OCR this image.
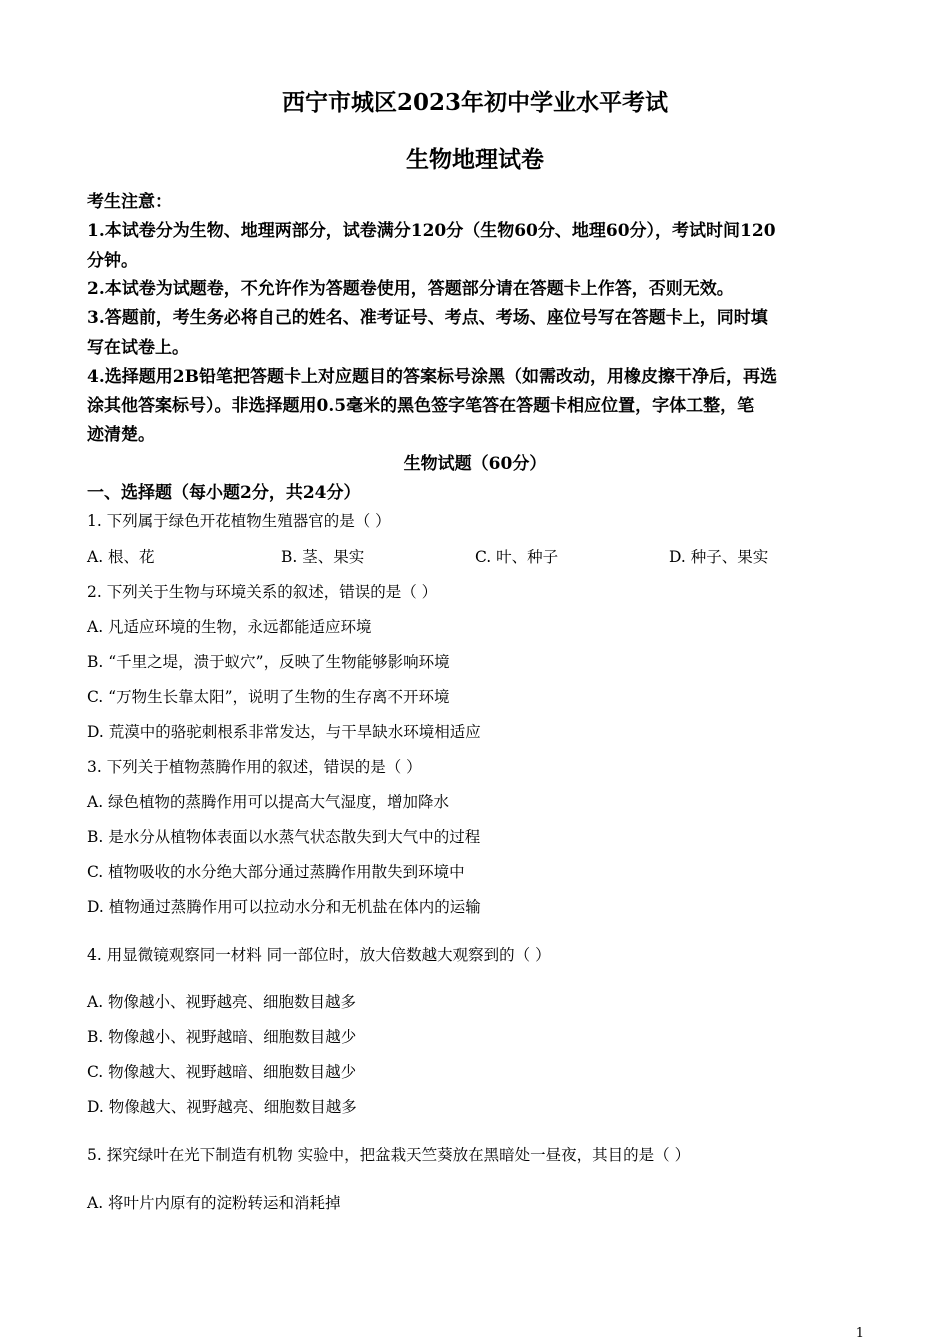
西宁市城区2023年初中学业水平考试
生物地理试卷
考生注意：
1.本试卷分为生物、地理两部分，试卷满分120分（生物60分、地理60分），考试时间120
分钟。
2.本试卷为试题卷，不允许作为答题卷使用，答题部分请在答题卡上作答，否则无效。
3.答题前，考生务必将自己的姓名、准考证号、考点、考场、座位号写在答题卡上，同时填
写在试卷上。
4.选择题用2B铅笔把答题卡上对应题目的答案标号涂黑（如需改动，用橡皮擦干净后，再选
涂其他答案标号）。非选择题用0.5毫米的黑色签字笔答在答题卡相应位置，字体工整，笔
迹清楚。
生物试题（60分）
一、选择题（每小题2分，共24分）
1. 下列属于绿色开花植物生殖器官的是（ ）
A. 根、花	B. 茎、果实	C. 叶、种子	D. 种子、果实
2. 下列关于生物与环境关系的叙述，错误的是（ ）
A. 凡适应环境的生物，永远都能适应环境
B. “千里之堤，溃于蚁穴”，反映了生物能够影响环境
C. “万物生长靠太阳”，说明了生物的生存离不开环境
D. 荒漠中的骆驼刺根系非常发达，与干旱缺水环境相适应
3. 下列关于植物蒸腾作用的叙述，错误的是（ ）
A. 绿色植物的蒸腾作用可以提高大气湿度，增加降水
B. 是水分从植物体表面以水蒸气状态散失到大气中的过程
C. 植物吸收的水分绝大部分通过蒸腾作用散失到环境中
D. 植物通过蒸腾作用可以拉动水分和无机盐在体内的运输
4. 用显微镜观察同一材料 同一部位时，放大倍数越大观察到的（ ）
A. 物像越小、视野越亮、细胞数目越多
B. 物像越小、视野越暗、细胞数目越少
C. 物像越大、视野越暗、细胞数目越少
D. 物像越大、视野越亮、细胞数目越多
5. 探究绿叶在光下制造有机物 实验中，把盆栽天竺葵放在黑暗处一昼夜，其目的是（ ）
A. 将叶片内原有的淀粉转运和消耗掉
1
